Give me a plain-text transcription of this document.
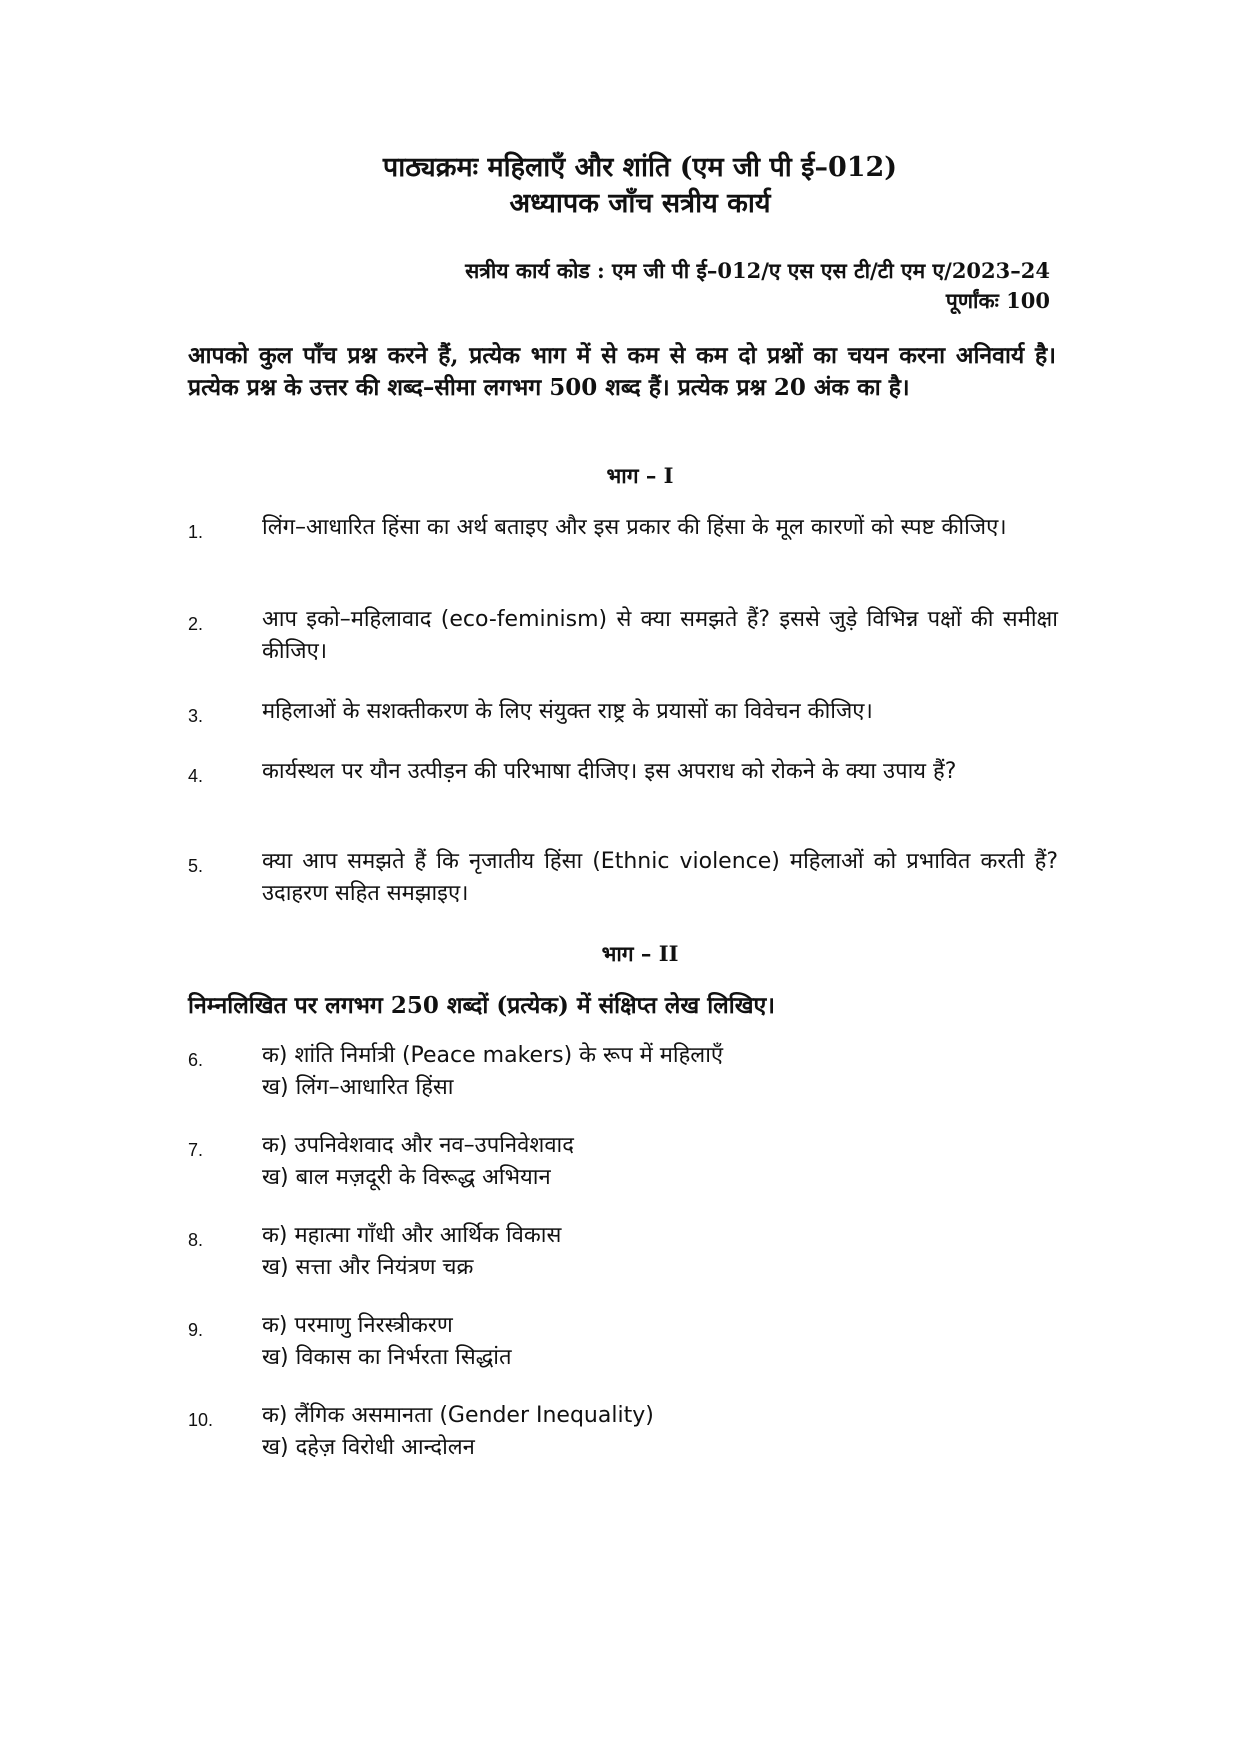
पाठ्यक्रमः महिलाएँ और शांति (एम जी पी ई–012)
अध्यापक जाँच सत्रीय कार्य
सत्रीय कार्य कोड : एम जी पी ई–012/ए एस एस टी/टी एम ए/2023–24
पूर्णांकः 100
आपको कुल पाँच प्रश्न करने हैं, प्रत्येक भाग में से कम से कम दो प्रश्नों का चयन करना अनिवार्य है। प्रत्येक प्रश्न के उत्तर की शब्द–सीमा लगभग 500 शब्द हैं। प्रत्येक प्रश्न 20 अंक का है।
भाग – I
1.	लिंग–आधारित हिंसा का अर्थ बताइए और इस प्रकार की हिंसा के मूल कारणों को स्पष्ट कीजिए।
2.	आप इको–महिलावाद (eco-feminism) से क्या समझते हैं? इससे जुड़े विभिन्न पक्षों की समीक्षा कीजिए।
3.	महिलाओं के सशक्तीकरण के लिए संयुक्त राष्ट्र के प्रयासों का विवेचन कीजिए।
4.	कार्यस्थल पर यौन उत्पीड़न की परिभाषा दीजिए। इस अपराध को रोकने के क्या उपाय हैं?
5.	क्या आप समझते हैं कि नृजातीय हिंसा (Ethnic violence) महिलाओं को प्रभावित करती हैं? उदाहरण सहित समझाइए।
भाग – II
निम्नलिखित पर लगभग 250 शब्दों (प्रत्येक) में संक्षिप्त लेख लिखिए।
6.	क) शांति निर्मात्री (Peace makers) के रूप में महिलाएँ
ख) लिंग–आधारित हिंसा
7.	क) उपनिवेशवाद और नव–उपनिवेशवाद
ख) बाल मज़दूरी के विरूद्ध अभियान
8.	क) महात्मा गाँधी और आर्थिक विकास
ख) सत्ता और नियंत्रण चक्र
9.	क) परमाणु निरस्त्रीकरण
ख) विकास का निर्भरता सिद्धांत
10. क) लैंगिक असमानता (Gender Inequality)
ख) दहेज़ विरोधी आन्दोलन
